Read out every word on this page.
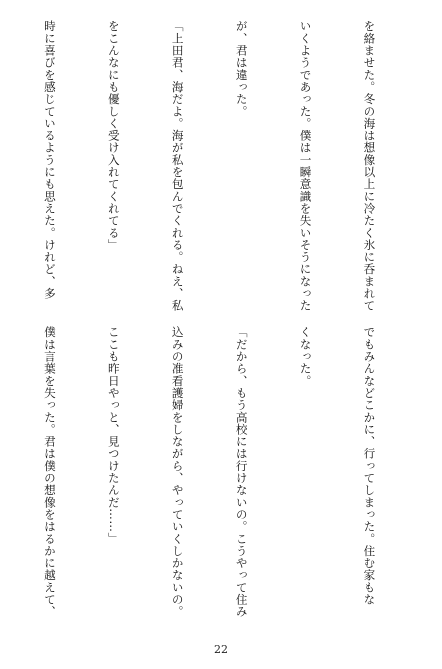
を絡ませた。冬の海は想像以上に冷たく氷に呑まれて

いくようであった。僕は一瞬意識を失いそうになった

が、君は違った。

「上田君、海だよ。海が私を包んでくれる。ねえ、私

をこんなにも優しく受け入れてくれてる」

時に喜びを感じているようにも思えた。けれど、多

でもみんなどこかに、行ってしまった。住む家もな

くなった。

「だから、もう高校には行けないの。こうやって住み

込みの准看護婦をしながら、やっていくしかないの。

ここも昨日やっと、見つけたんだ……」

僕は言葉を失った。君は僕の想像をはるかに越えて、

22
